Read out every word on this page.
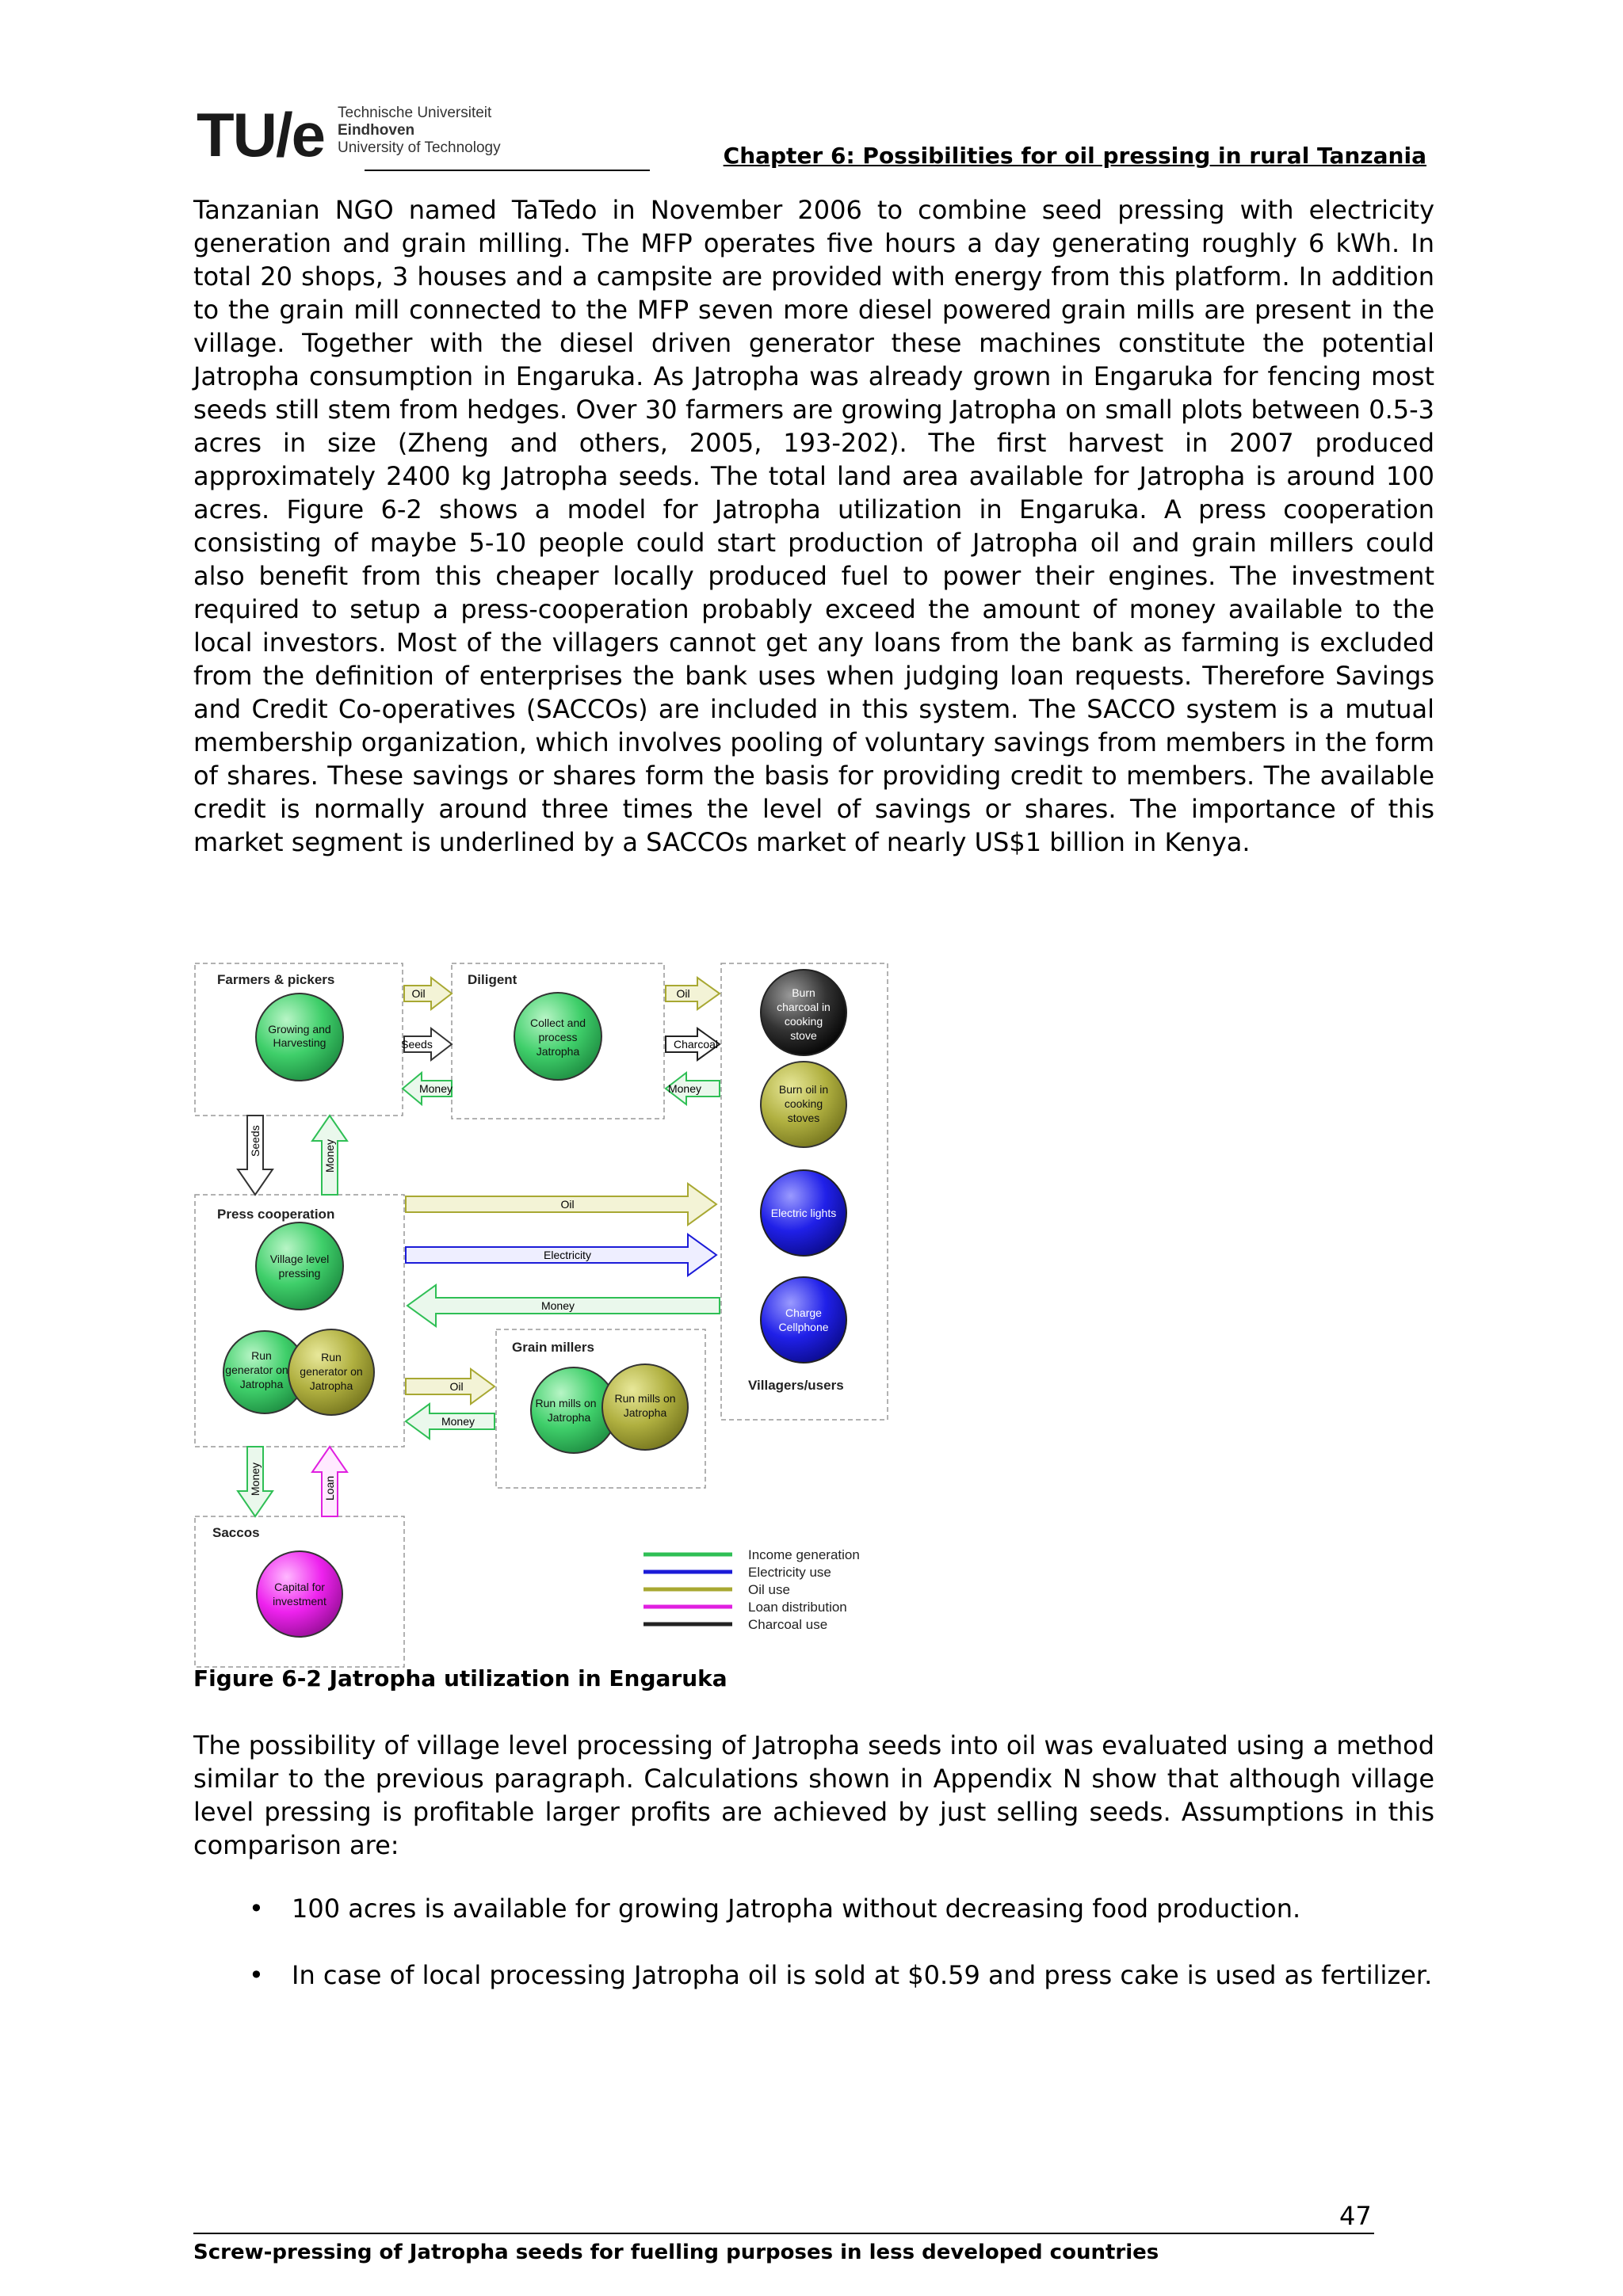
TU/e Technische Universiteit
Eindhoven
University of Technology	Chapter 6: Possibilities for oil pressing in rural Tanzania

Tanzanian NGO named TaTedo in November 2006 to combine seed pressing with electricity generation and grain milling. The MFP operates five hours a day generating roughly 6 kWh. In total 20 shops, 3 houses and a campsite are provided with energy from this platform. In addition to the grain mill connected to the MFP seven more diesel powered grain mills are present in the village. Together with the diesel driven generator these machines constitute the potential Jatropha consumption in Engaruka. As Jatropha was already grown in Engaruka for fencing most seeds still stem from hedges. Over 30 farmers are growing Jatropha on small plots between 0.5-3 acres in size (Zheng and others, 2005, 193-202). The first harvest in 2007 produced approximately 2400 kg Jatropha seeds. The total land area available for Jatropha is around 100 acres. Figure 6-2 shows a model for Jatropha utilization in Engaruka. A press cooperation consisting of maybe 5-10 people could start production of Jatropha oil and grain millers could also benefit from this cheaper locally produced fuel to power their engines. The investment required to setup a press-cooperation probably exceed the amount of money available to the local investors. Most of the villagers cannot get any loans from the bank as farming is excluded from the definition of enterprises the bank uses when judging loan requests. Therefore Savings and Credit Co-operatives (SACCOs) are included in this system. The SACCO system is a mutual membership organization, which involves pooling of voluntary savings from members in the form of shares. These savings or shares form the basis for providing credit to members. The available credit is normally around three times the level of savings or shares. The importance of this market segment is underlined by a SACCOs market of nearly US$1 billion in Kenya.

Farmers & pickers	Diligent
Press cooperation
Grain millers
Villagers/users
Saccos
Oil
Seeds
Money
Oil
Charcoal
Money
Oil
Electricity
Money
Oil
Money
Seeds	Money
Money	Loan
Growing and
Harvesting
Collect and
process
Jatropha
Burn
charcoal in
cooking
stove
Burn oil in
cooking
stoves
Electric lights
Charge
Cellphone
Village level
pressing
Run
generator on
Jatropha
Run
generator on
Jatropha
Run mills on
Jatropha
Run mills on
Jatropha
Capital for
investment
Income generation
Electricity use
Oil use
Loan distribution
Charcoal use
Figure 6-2 Jatropha utilization in Engaruka

The possibility of village level processing of Jatropha seeds into oil was evaluated using a method similar to the previous paragraph. Calculations shown in Appendix N show that although village level pressing is profitable larger profits are achieved by just selling seeds. Assumptions in this comparison are:

• 100 acres is available for growing Jatropha without decreasing food production.
• In case of local processing Jatropha oil is sold at $0.59 and press cake is used as fertilizer.
47
Screw-pressing of Jatropha seeds for fuelling purposes in less developed countries
